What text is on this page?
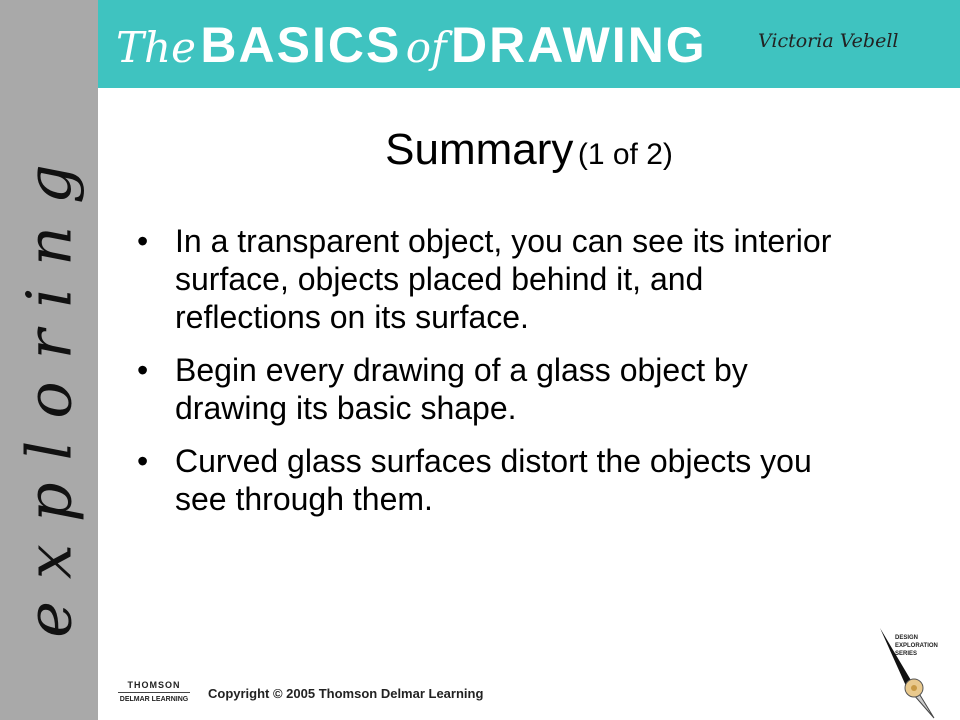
exploring
The BASICS of DRAWING	Victoria Vebell
Summary (1 of 2)
• In a transparent object, you can see its interior surface, objects placed behind it, and reflections on its surface.
• Begin every drawing of a glass object by drawing its basic shape.
• Curved glass surfaces distort the objects you see through them.
THOMSON
DELMAR LEARNING Copyright © 2005 Thomson Delmar Learning
DESIGN
EXPLORATION
SERIES
